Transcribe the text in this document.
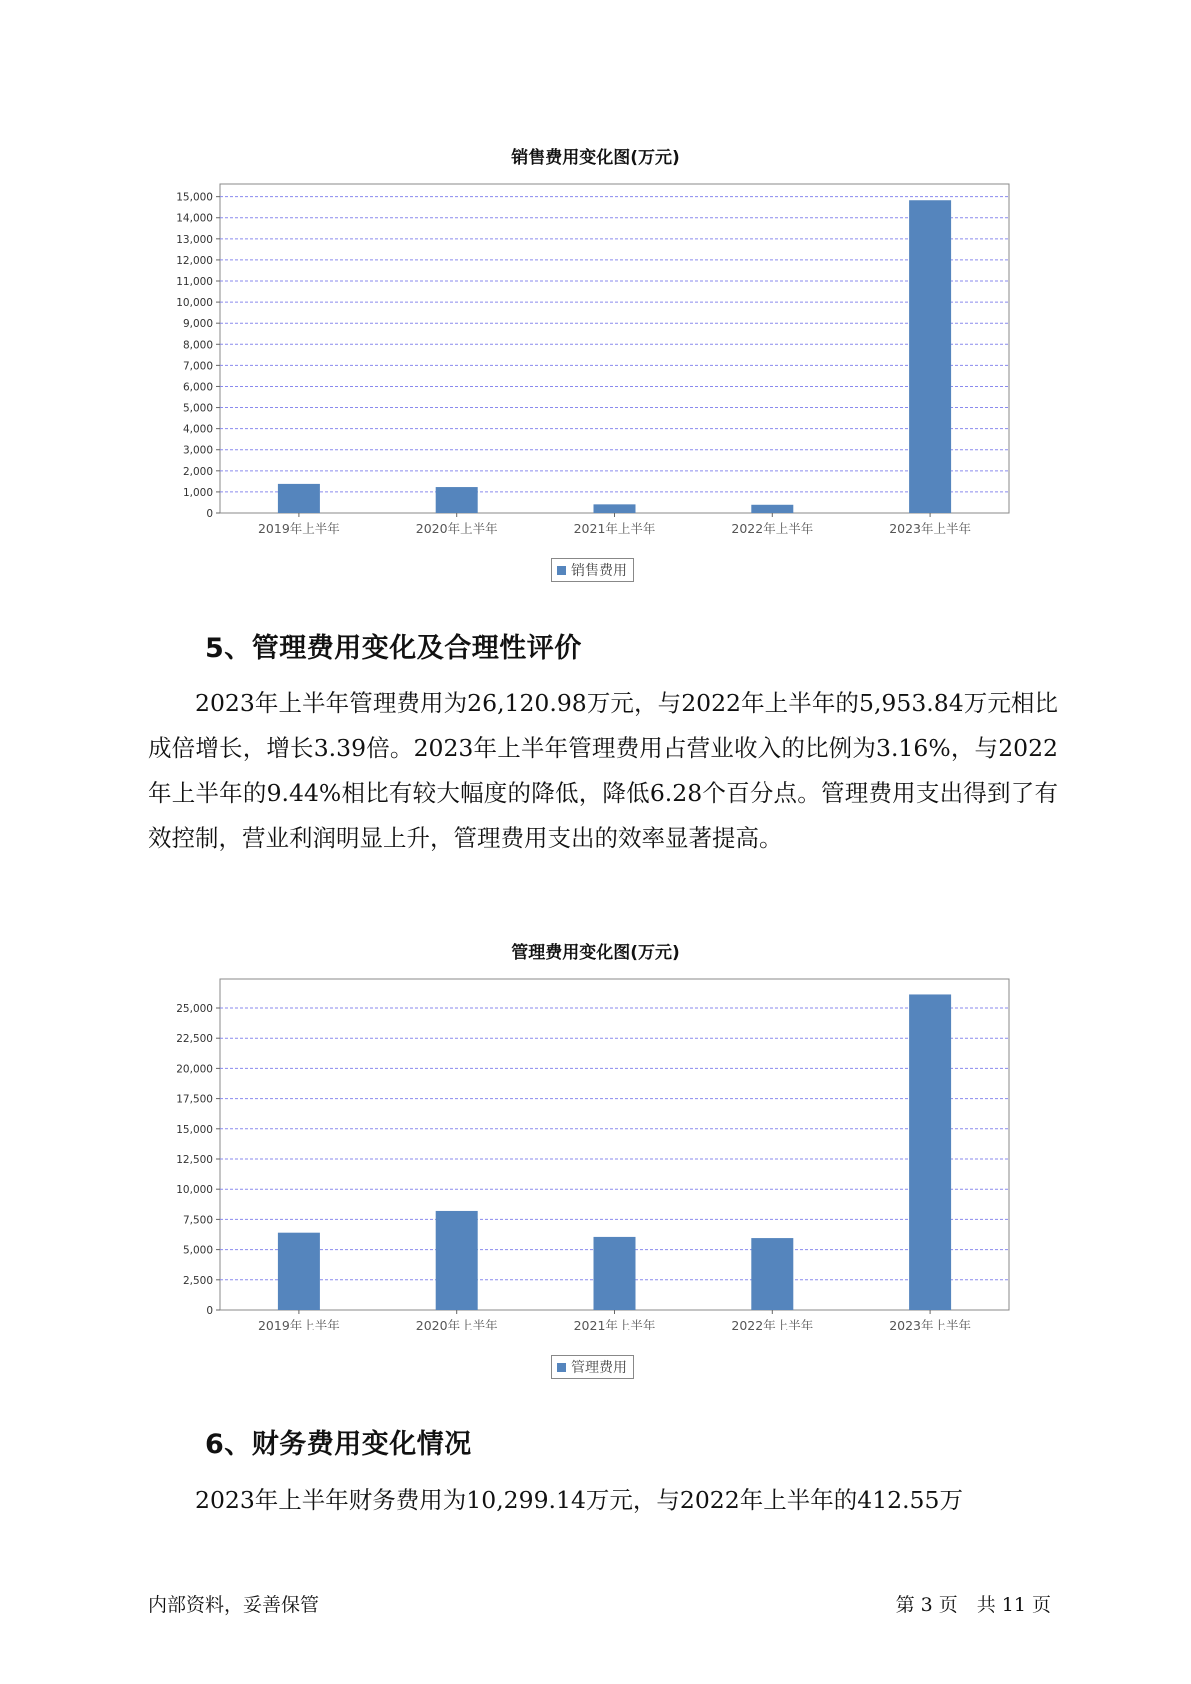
销售费用变化图(万元)
0
1,000
2,000
3,000
4,000
5,000
6,000
7,000
8,000
9,000
10,000
11,000
12,000
13,000
14,000
15,000
2019年上半年	2020年上半年	2021年上半年	2022年上半年	2023年上半年
销售费用
5、管理费用变化及合理性评价

2023年上半年管理费用为26,120.98万元，与2022年上半年的5,953.84万元相比成倍增长，增长3.39倍。2023年上半年管理费用占营业收入的比例为3.16%，与2022年上半年的9.44%相比有较大幅度的降低，降低6.28个百分点。管理费用支出得到了有效控制，营业利润明显上升，管理费用支出的效率显著提高。

管理费用变化图(万元)
0
2,500
5,000
7,500
10,000
12,500
15,000
17,500
20,000
22,500
25,000
2019年上半年	2020年上半年	2021年上半年	2022年上半年	2023年上半年
管理费用
6、财务费用变化情况

2023年上半年财务费用为10,299.14万元，与2022年上半年的412.55万

内部资料，妥善保管	第 3 页　共 11 页
